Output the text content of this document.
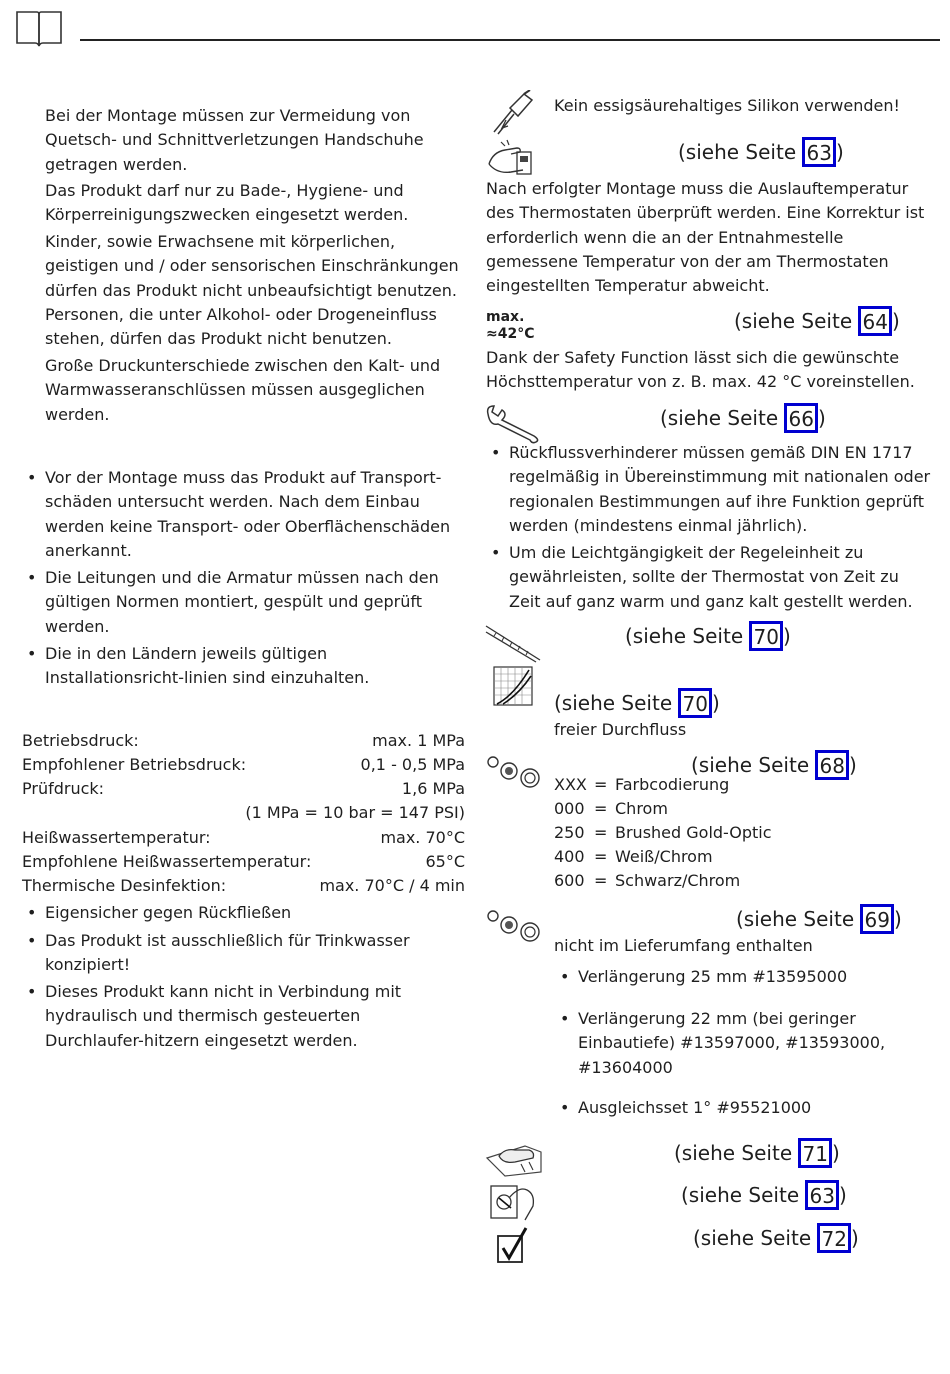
Bei der Montage müssen zur Vermeidung von Quetsch- und Schnittverletzungen Handschuhe getragen werden.
Das Produkt darf nur zu Bade-, Hygiene- und Körperreinigungszwecken eingesetzt werden.
Kinder, sowie Erwachsene mit körperlichen, geistigen und / oder sensorischen Einschränkungen dürfen das Produkt nicht unbeaufsichtigt benutzen. Personen, die unter Alkohol- oder Drogeneinfluss stehen, dürfen das Produkt nicht benutzen.
Große Druckunterschiede zwischen den Kalt- und Warmwasseranschlüssen müssen ausgeglichen werden.
• Vor der Montage muss das Produkt auf Transport-schäden untersucht werden. Nach dem Einbau werden keine Transport- oder Oberflächenschäden anerkannt.
• Die Leitungen und die Armatur müssen nach den gültigen Normen montiert, gespült und geprüft werden.
• Die in den Ländern jeweils gültigen Installationsricht-linien sind einzuhalten.
Betriebsdruck:	max. 1 MPa
Empfohlener Betriebsdruck:	0,1 - 0,5 MPa
Prüfdruck:	1,6 MPa
(1 MPa = 10 bar = 147 PSI)
Heißwassertemperatur:	max. 70°C
Empfohlene Heißwassertemperatur:	65°C
Thermische Desinfektion:	max. 70°C / 4 min
• Eigensicher gegen Rückfließen
• Das Produkt ist ausschließlich für Trinkwasser konzipiert!
• Dieses Produkt kann nicht in Verbindung mit hydraulisch und thermisch gesteuerten Durchlaufer-hitzern eingesetzt werden.
Kein essigsäurehaltiges Silikon verwenden!
(siehe Seite 63 )
Nach erfolgter Montage muss die Auslauftemperatur des Thermostaten überprüft werden. Eine Korrektur ist erforderlich wenn die an der Entnahmestelle gemessene Temperatur von der am Thermostaten eingestellten Temperatur abweicht.
max.
≈42°C
(siehe Seite 64 )
Dank der Safety Function lässt sich die gewünschte Höchsttemperatur von z. B. max. 42 °C voreinstellen.
(siehe Seite 66 )
• Rückflussverhinderer müssen gemäß DIN EN 1717 regelmäßig in Übereinstimmung mit nationalen oder regionalen Bestimmungen auf ihre Funktion geprüft werden (mindestens einmal jährlich).
• Um die Leichtgängigkeit der Regeleinheit zu gewährleisten, sollte der Thermostat von Zeit zu Zeit auf ganz warm und ganz kalt gestellt werden.
(siehe Seite 70 )
(siehe Seite 70 )
freier Durchfluss
(siehe Seite 68 )
XXX = Farbcodierung
000 = Chrom
250 = Brushed Gold-Optic
400 = Weiß/Chrom
600 = Schwarz/Chrom
(siehe Seite 69 )
nicht im Lieferumfang enthalten
• Verlängerung 25 mm #13595000
• Verlängerung 22 mm (bei geringer Einbautiefe) #13597000, #13593000, #13604000
• Ausgleichsset 1° #95521000
(siehe Seite 71 )
(siehe Seite 63 )
(siehe Seite 72 )
